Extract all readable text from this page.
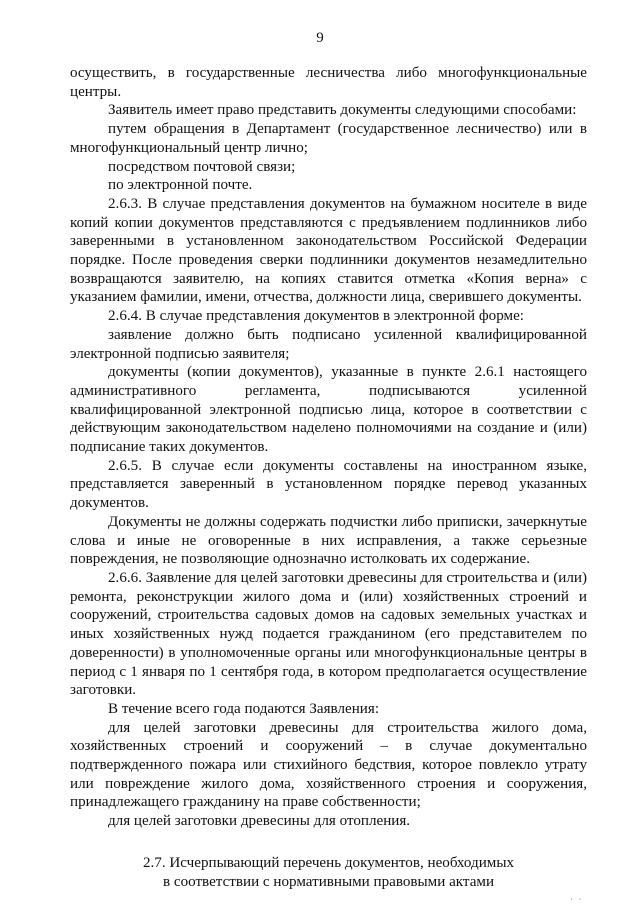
9

осуществить, в государственные лесничества либо многофункциональные центры.

Заявитель имеет право представить документы следующими способами:

путем обращения в Департамент (государственное лесничество) или в многофункциональный центр лично;

посредством почтовой связи;

по электронной почте.

2.6.3. В случае представления документов на бумажном носителе в виде копий копии документов представляются с предъявлением подлинников либо заверенными в установленном законодательством Российской Федерации порядке. После проведения сверки подлинники документов незамедлительно возвращаются заявителю, на копиях ставится отметка «Копия верна» с указанием фамилии, имени, отчества, должности лица, сверившего документы.

2.6.4. В случае представления документов в электронной форме:

заявление должно быть подписано усиленной квалифицированной электронной подписью заявителя;

документы (копии документов), указанные в пункте 2.6.1 настоящего административного регламента, подписываются усиленной квалифицированной электронной подписью лица, которое в соответствии с действующим законодательством наделено полномочиями на создание и (или) подписание таких документов.

2.6.5. В случае если документы составлены на иностранном языке, представляется заверенный в установленном порядке перевод указанных документов.

Документы не должны содержать подчистки либо приписки, зачеркнутые слова и иные не оговоренные в них исправления, а также серьезные повреждения, не позволяющие однозначно истолковать их содержание.

2.6.6. Заявление для целей заготовки древесины для строительства и (или) ремонта, реконструкции жилого дома и (или) хозяйственных строений и сооружений, строительства садовых домов на садовых земельных участках и иных хозяйственных нужд подается гражданином (его представителем по доверенности) в уполномоченные органы или многофункциональные центры в период с 1 января по 1 сентября года, в котором предполагается осуществление заготовки.

В течение всего года подаются Заявления:

для целей заготовки древесины для строительства жилого дома, хозяйственных строений и сооружений – в случае документально подтвержденного пожара или стихийного бедствия, которое повлекло утрату или повреждение жилого дома, хозяйственного строения и сооружения, принадлежащего гражданину на праве собственности;

для целей заготовки древесины для отопления.

2.7. Исчерпывающий перечень документов, необходимых
в соответствии с нормативными правовыми актами

· ·
